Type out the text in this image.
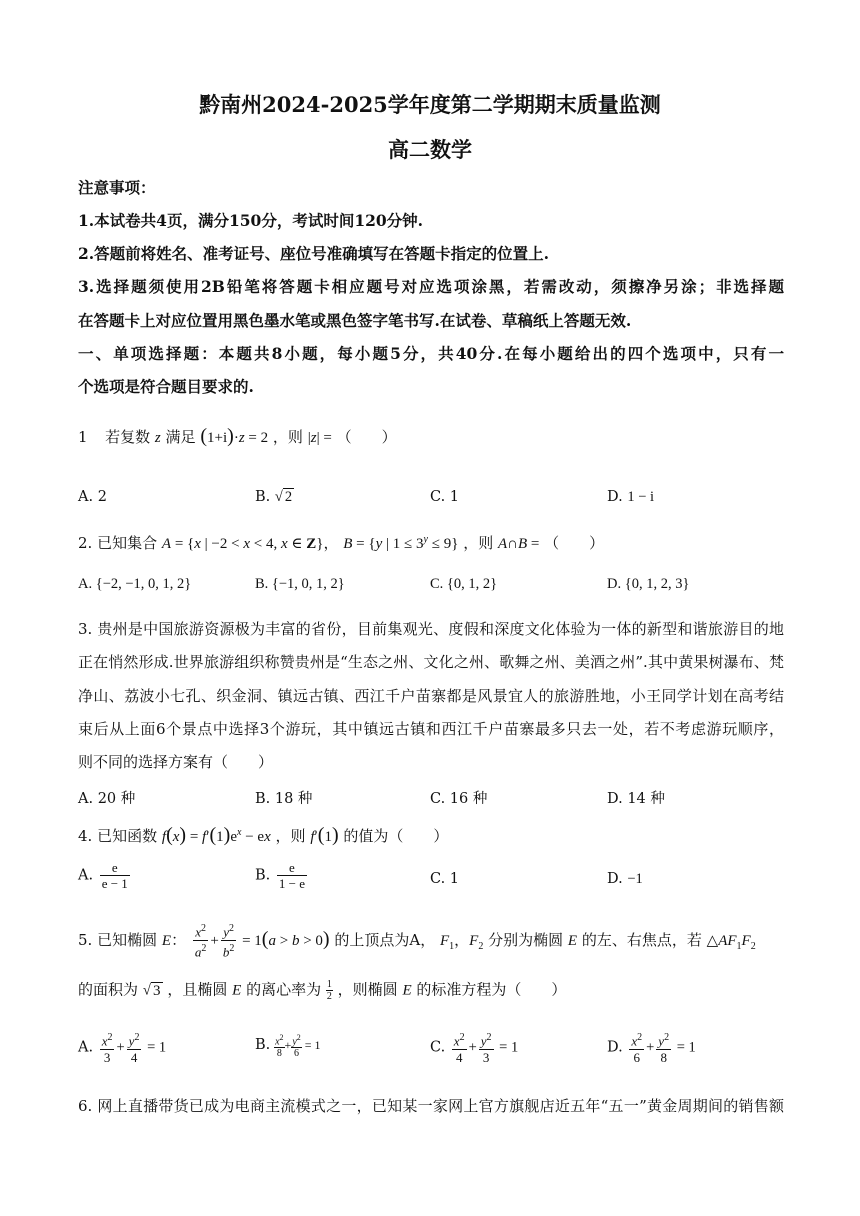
黔南州2024-2025学年度第二学期期末质量监测
高二数学
注意事项：
1.本试卷共4页，满分150分，考试时间120分钟.
2.答题前将姓名、准考证号、座位号准确填写在答题卡指定的位置上.
3.选择题须使用2B铅笔将答题卡相应题号对应选项涂黑，若需改动，须擦净另涂；非选择题
在答题卡上对应位置用黑色墨水笔或黑色签字笔书写.在试卷、草稿纸上答题无效.
一、单项选择题：本题共8小题，每小题5分，共40分.在每小题给出的四个选项中，只有一
个选项是符合题目要求的.
1 若复数 z 满足 (1+i)·z = 2 ，则 |z| = （　　）
A. 2	B. √ 2	C. 1	D. 1 − i
2. 已知集合 A = {x | −2 < x < 4, x ∈ Z}， B = {y | $1 \le 3^y \le 9$} ，则 A∩B = （　　）
A. {−2, −1, 0, 1, 2}	B. {−1, 0, 1, 2}	C. {0, 1, 2}	D. {0, 1, 2, 3}
3. 贵州是中国旅游资源极为丰富的省份，目前集观光、度假和深度文化体验为一体的新型和谐旅游目的地
正在悄然形成.世界旅游组织称赞贵州是“生态之州、文化之州、歌舞之州、美酒之州”.其中黄果树瀑布、梵
净山、荔波小七孔、织金洞、镇远古镇、西江千户苗寨都是风景宜人的旅游胜地，小王同学计划在高考结
束后从上面6个景点中选择3个游玩，其中镇远古镇和西江千户苗寨最多只去一处，若不考虑游玩顺序，
则不同的选择方案有（　　）
A. 20 种	B. 18 种	C. 16 种	D. 14 种
4. 已知函数 $f(x) = f'(1)e^x$ − ex ，则 f′(1) 的值为（　　）
A. $\frac{e}{e - 1}$	B. $\frac{e}{1 - e}$	C. 1	D. −1
5. 已知椭圆 E： $\frac{x^2}{a^2} + \frac{y^2}{b^2} = 1(a > b > 0)$ 的上顶点为A， $F_1$，$F_2$ 分别为椭圆 E 的左、右焦点，若 $\triangle AF_1F_2$
的面积为 √ 3 ，且椭圆 E 的离心率为 $\frac{1}{2}$ ，则椭圆 E 的标准方程为（　　）
A. $\frac{x^2}{3} + \frac{y^2}{4} = 1$	B. $\frac{x^2}{8} + \frac{y^2}{6} = 1$	C. $\frac{x^2}{4} + \frac{y^2}{3} = 1$	D. $\frac{x^2}{6} + \frac{y^2}{8} = 1$
6. 网上直播带货已成为电商主流模式之一，已知某一家网上官方旗舰店近五年“五一”黄金周期间的销售额
